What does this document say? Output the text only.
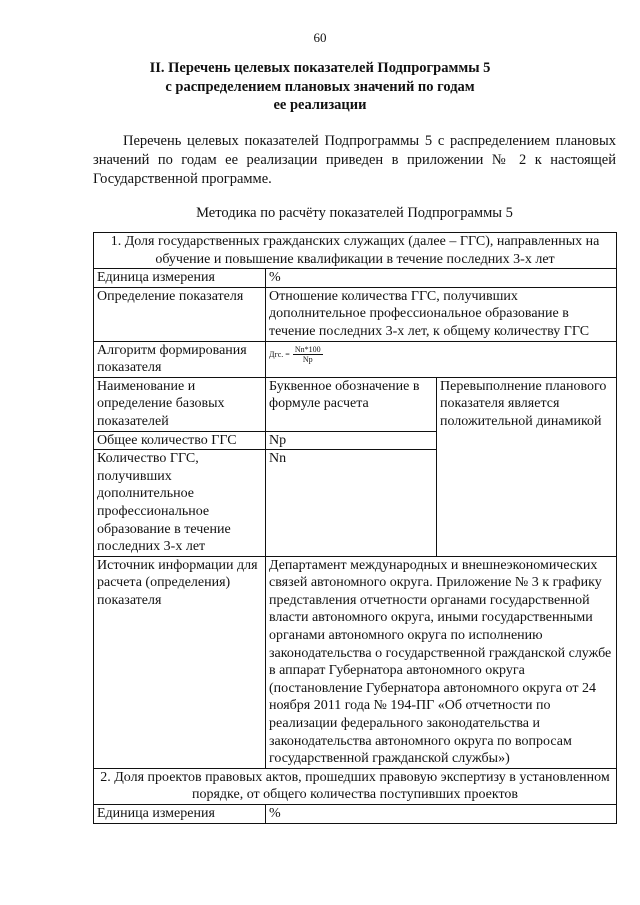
60
II. Перечень целевых показателей Подпрограммы 5
с распределением плановых значений по годам
ее реализации
Перечень целевых показателей Подпрограммы 5 с распределением плановых значений по годам ее реализации приведен в приложении № 2 к настоящей Государственной программе.
Методика по расчёту показателей Подпрограммы 5
1. Доля государственных гражданских служащих (далее – ГГС), направленных на обучение и повышение квалификации в течение последних 3-х лет		
Единица измерения	%	
Определение показателя	Отношение количества ГГС, получивших дополнительное профессиональное образование в течение последних 3-х лет, к общему количеству ГГС	
Алгоритм формирования показателя	Дгс. = $\frac{Nn*100}{Np}$

Наименование и определение базовых показателей	Буквенное обозначение в формуле расчета	Перевыполнение планового показателя является положительной динамикой
Общее количество ГГС	Np	
Количество ГГС, получивших дополнительное профессиональное образование в течение последних 3-х лет	Nn	
Источник информации для расчета (определения) показателя	Департамент международных и внешнеэкономических связей автономного округа. Приложение № 3 к графику представления отчетности органами государственной власти автономного округа, иными государственными органами автономного округа по исполнению законодательства о государственной гражданской службе в аппарат Губернатора автономного округа (постановление Губернатора автономного округа от 24 ноября 2011 года № 194-ПГ «Об отчетности по реализации федерального законодательства и законодательства автономного округа по вопросам государственной гражданской службы»)	
2. Доля проектов правовых актов, прошедших правовую экспертизу в установленном порядке, от общего количества поступивших проектов		
Единица измерения	%	
